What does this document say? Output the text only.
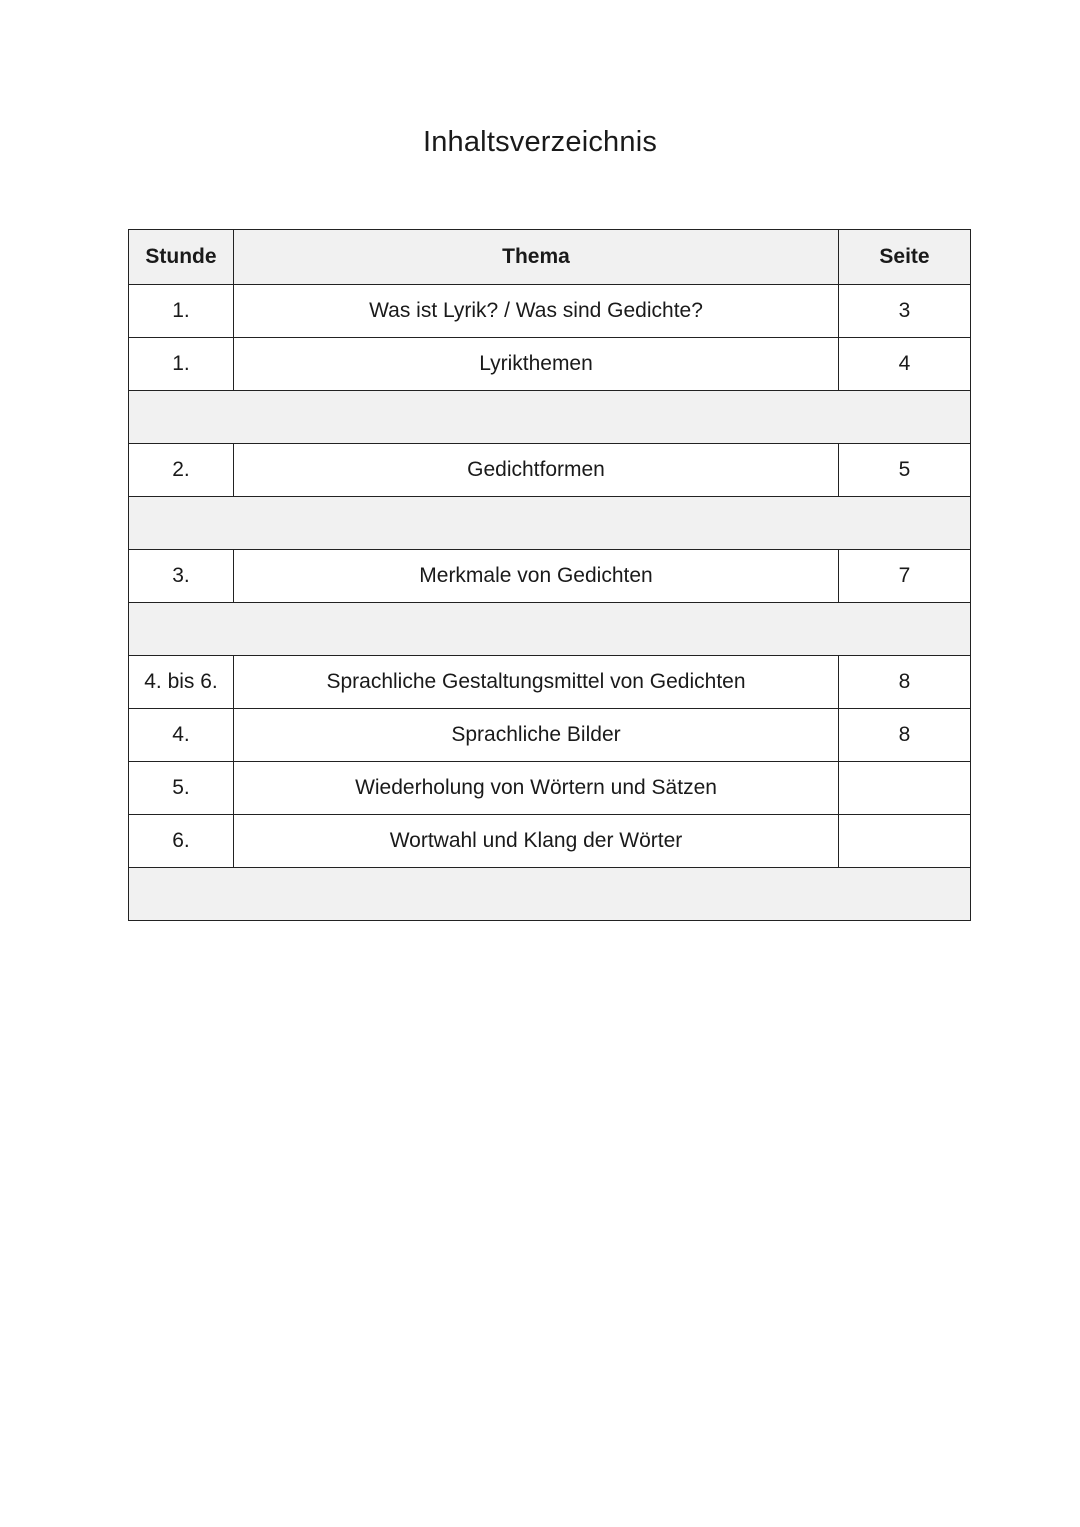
Inhaltsverzeichnis
Stunde	Thema	Seite
1.	Was ist Lyrik? / Was sind Gedichte?	3
1.	Lyrikthemen	4

2.	Gedichtformen	5

3.	Merkmale von Gedichten	7

4. bis 6.	Sprachliche Gestaltungsmittel von Gedichten	8
4.	Sprachliche Bilder	8
5.	Wiederholung von Wörtern und Sätzen	
6.	Wortwahl und Klang der Wörter	
